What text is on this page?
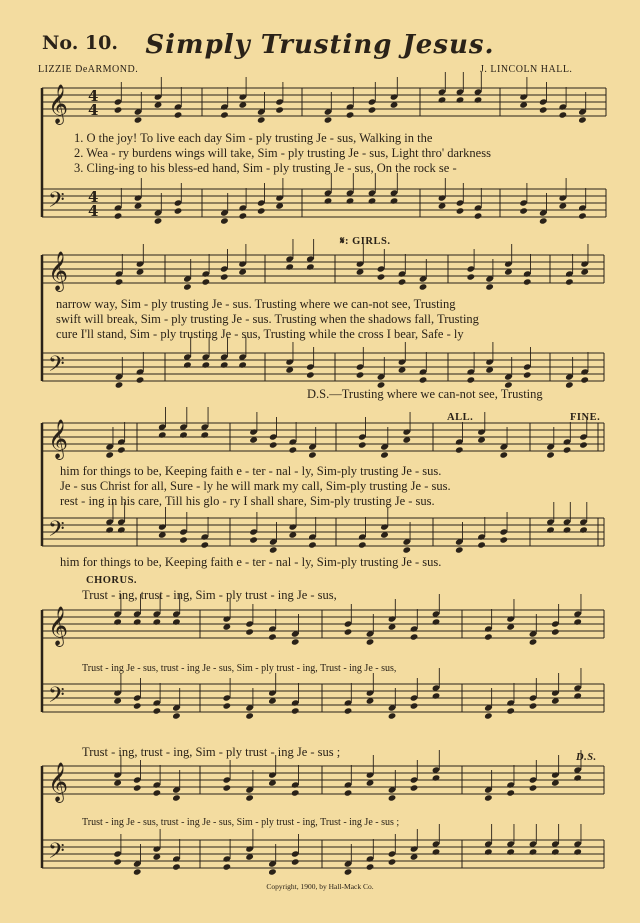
No. 10.	Simply Trusting Jesus.
LIZZIE DeARMOND.	J. LINCOLN HALL.
𝄞
𝄢
𝄞
𝄢
𝄞
𝄢
𝄞
𝄢
𝄞
𝄢
4
4
4
4
1. O the joy! To live each day Sim - ply trusting Je - sus, Walking in the
2. Wea - ry burdens wings will take, Sim - ply trusting Je - sus, Light thro' darkness
3. Cling-ing to his bless-ed hand, Sim - ply trusting Je - sus, On the rock se -
𝄋: GIRLS.
narrow way, Sim - ply trusting Je - sus. Trusting where we can-not see, Trusting
swift will break, Sim - ply trusting Je - sus. Trusting when the shadows fall, Trusting
cure I'll stand, Sim - ply trusting Je - sus, Trusting while the cross I bear, Safe - ly
D.S.—Trusting where we can-not see, Trusting
ALL.	FINE.
him for things to be, Keeping faith e - ter - nal - ly, Sim-ply trusting Je - sus.
Je - sus Christ for all, Sure - ly he will mark my call, Sim-ply trusting Je - sus.
rest - ing in his care, Till his glo - ry I shall share, Sim-ply trusting Je - sus.
him for things to be, Keeping faith e - ter - nal - ly, Sim-ply trusting Je - sus.
CHORUS.
Trust - ing, trust - ing, Sim - ply trust - ing Je - sus,
Trust - ing Je - sus, trust - ing Je - sus, Sim - ply trust - ing, Trust - ing Je - sus,
Trust - ing, trust - ing, Sim - ply trust - ing Je - sus ;	D.S.
Trust - ing Je - sus, trust - ing Je - sus, Sim - ply trust - ing, Trust - ing Je - sus ;
Copyright, 1900, by Hall-Mack Co.
